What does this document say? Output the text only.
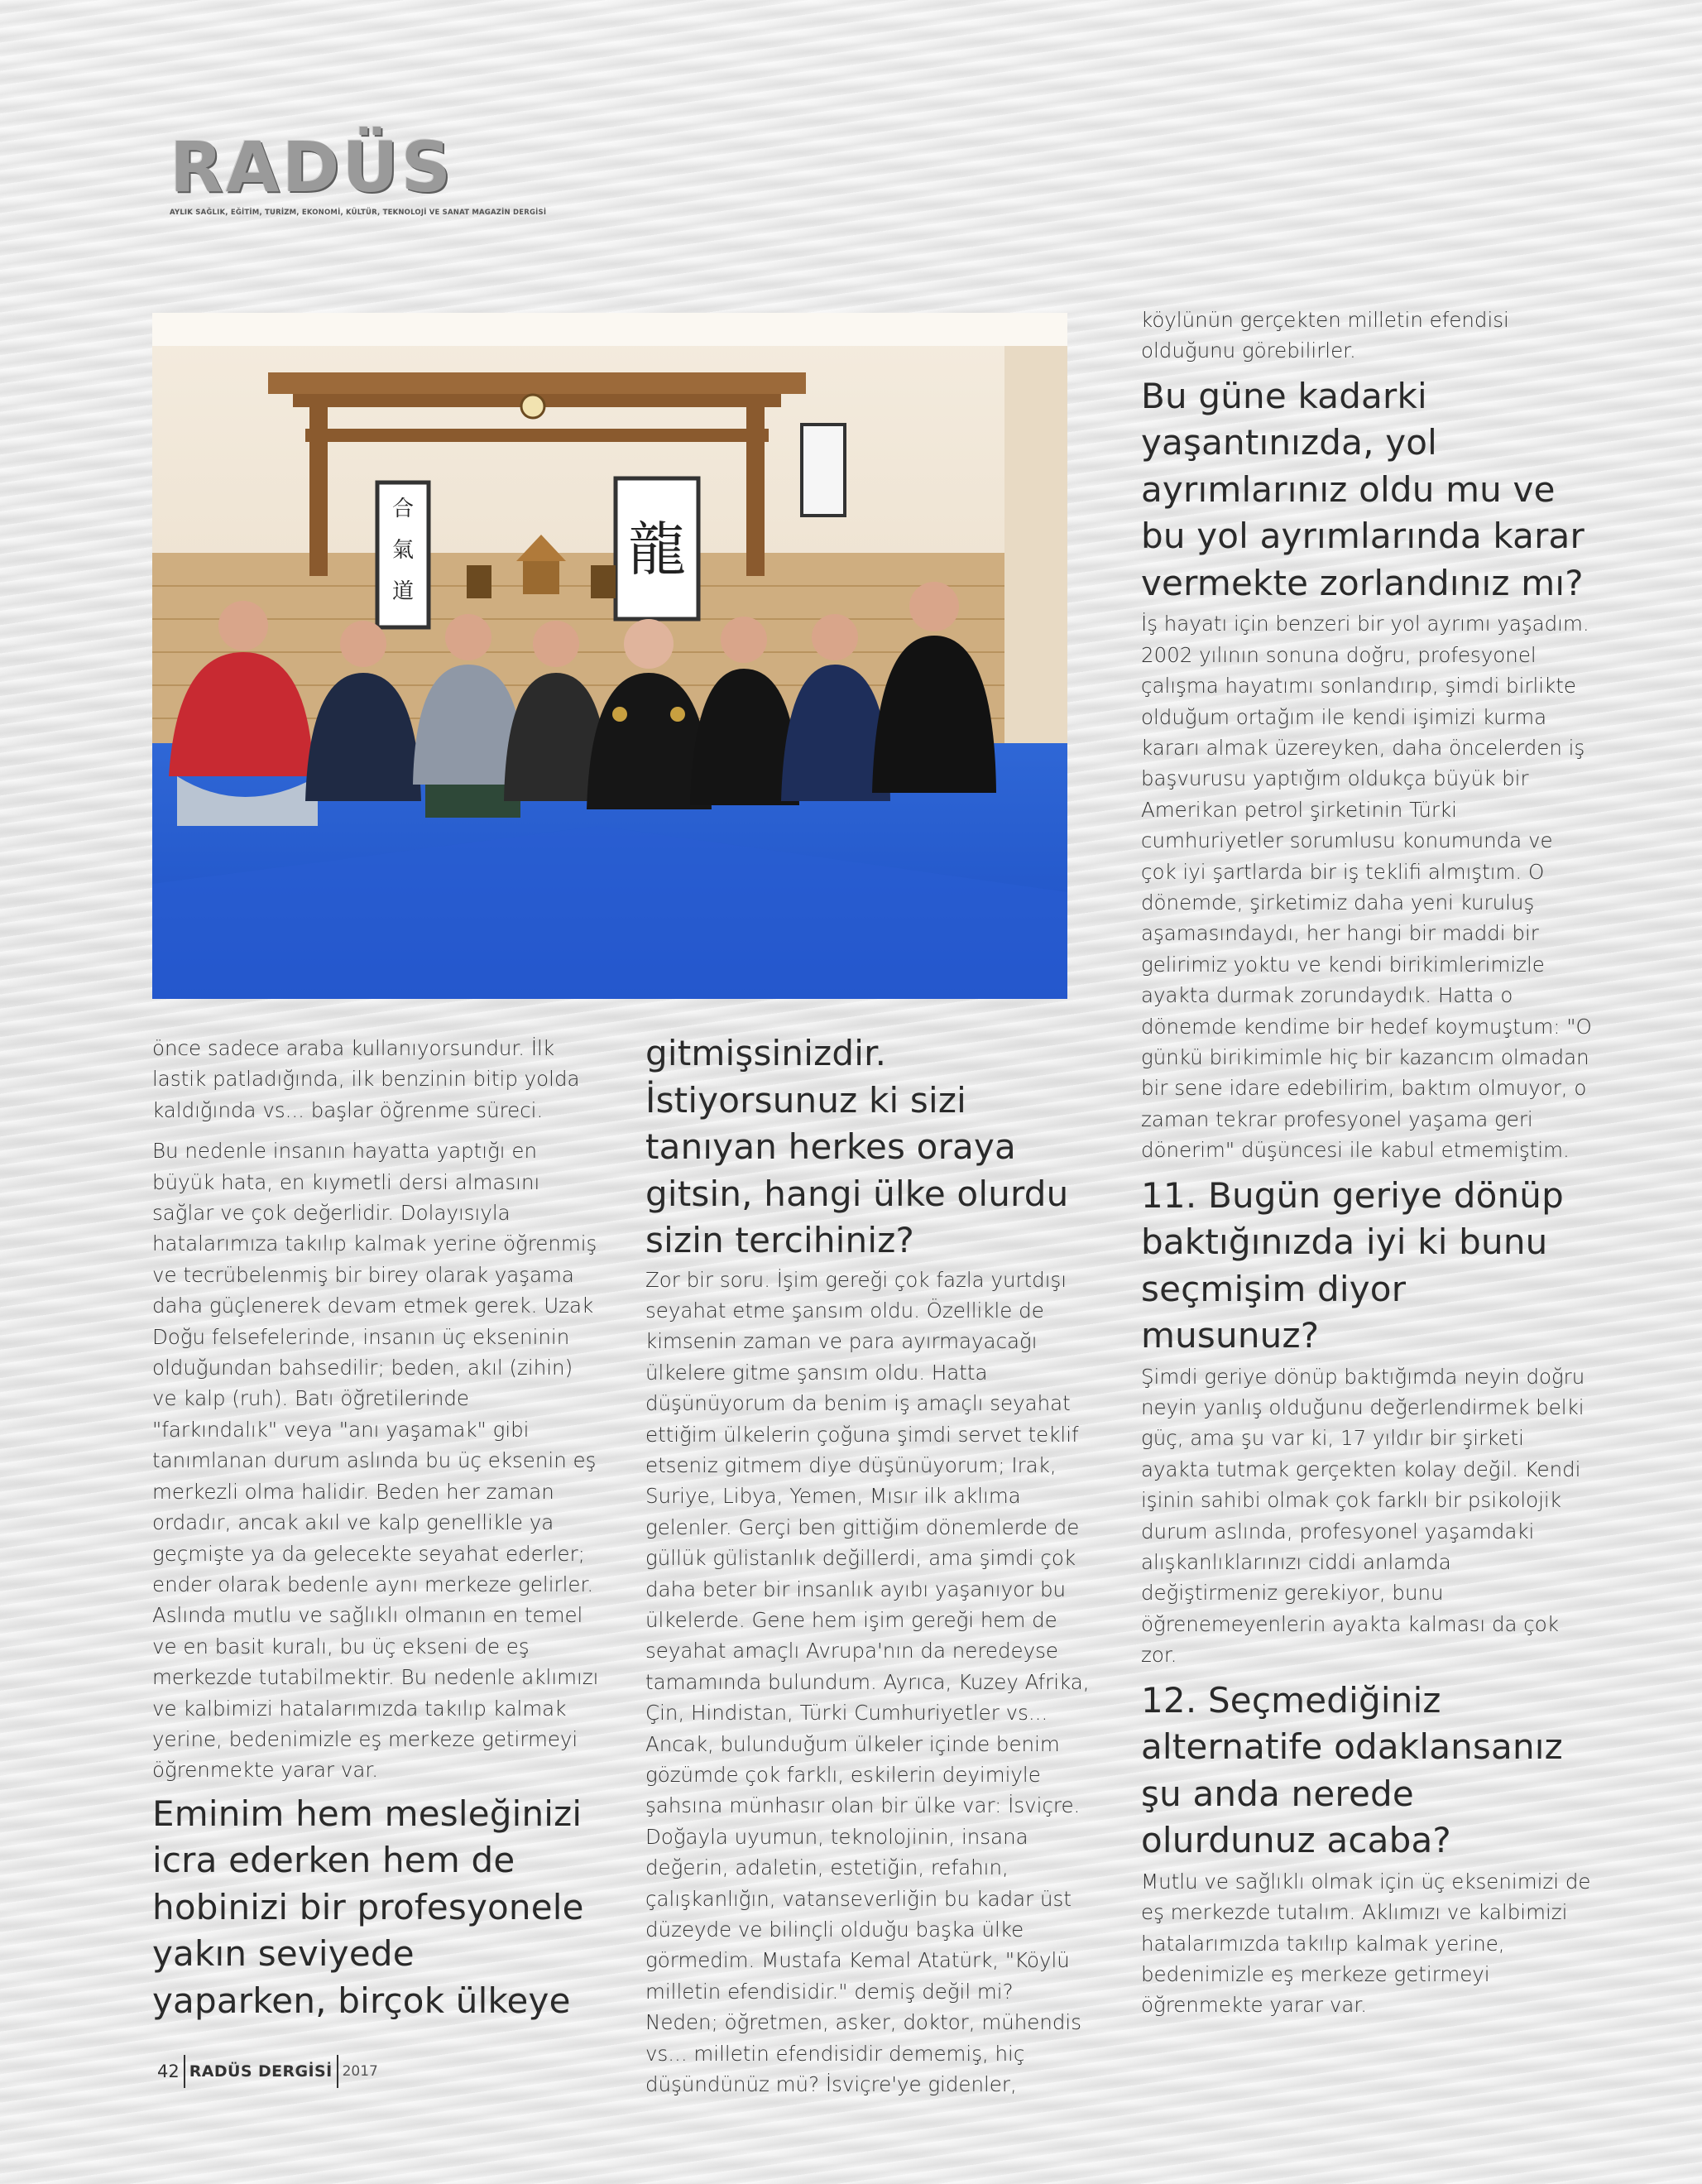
RADÜS
AYLIK SAĞLIK, EĞİTİM, TURİZM, EKONOMİ, KÜLTÜR, TEKNOLOJİ VE SANAT MAGAZİN DERGİSİ
合
氣
道
龍

önce sadece araba kullanıyorsundur. İlk lastik patladığında, ilk benzinin bitip yolda kaldığında vs... başlar öğrenme süreci.

Bu nedenle insanın hayatta yaptığı en büyük hata, en kıymetli dersi almasını sağlar ve çok değerlidir. Dolayısıyla hatalarımıza takılıp kalmak yerine öğrenmiş ve tecrübelenmiş bir birey olarak yaşama daha güçlenerek devam etmek gerek. Uzak Doğu felsefelerinde, insanın üç ekseninin olduğundan bahsedilir; beden, akıl (zihin) ve kalp (ruh). Batı öğretilerinde "farkındalık" veya "anı yaşamak" gibi tanımlanan durum aslında bu üç eksenin eş merkezli olma halidir. Beden her zaman ordadır, ancak akıl ve kalp genellikle ya geçmişte ya da gelecekte seyahat ederler; ender olarak bedenle aynı merkeze gelirler. Aslında mutlu ve sağlıklı olmanın en temel ve en basit kuralı, bu üç ekseni de eş merkezde tutabilmektir. Bu nedenle aklımızı ve kalbimizi hatalarımızda takılıp kalmak yerine, bedenimizle eş merkeze getirmeyi öğrenmekte yarar var.

Eminim hem mesleğinizi icra ederken hem de hobinizi bir profesyonele yakın seviyede yaparken, birçok ülkeye
gitmişsinizdir. İstiyorsunuz ki sizi tanıyan herkes oraya gitsin, hangi ülke olurdu sizin tercihiniz?

Zor bir soru. İşim gereği çok fazla yurtdışı seyahat etme şansım oldu. Özellikle de kimsenin zaman ve para ayırmayacağı ülkelere gitme şansım oldu. Hatta düşünüyorum da benim iş amaçlı seyahat ettiğim ülkelerin çoğuna şimdi servet teklif etseniz gitmem diye düşünüyorum; Irak, Suriye, Libya, Yemen, Mısır ilk aklıma gelenler. Gerçi ben gittiğim dönemlerde de güllük gülistanlık değillerdi, ama şimdi çok daha beter bir insanlık ayıbı yaşanıyor bu ülkelerde. Gene hem işim gereği hem de seyahat amaçlı Avrupa'nın da neredeyse tamamında bulundum. Ayrıca, Kuzey Afrika, Çin, Hindistan, Türki Cumhuriyetler vs... Ancak, bulunduğum ülkeler içinde benim gözümde çok farklı, eskilerin deyimiyle şahsına münhasır olan bir ülke var: İsviçre. Doğayla uyumun, teknolojinin, insana değerin, adaletin, estetiğin, refahın, çalışkanlığın, vatanseverliğin bu kadar üst düzeyde ve bilinçli olduğu başka ülke görmedim. Mustafa Kemal Atatürk, "Köylü milletin efendisidir." demiş değil mi? Neden; öğretmen, asker, doktor, mühendis vs... milletin efendisidir dememiş, hiç düşündünüz mü? İsviçre'ye gidenler,

köylünün gerçekten milletin efendisi olduğunu görebilirler.

Bu güne kadarki yaşantınızda, yol ayrımlarınız oldu mu ve bu yol ayrımlarında karar vermekte zorlandınız mı?

İş hayatı için benzeri bir yol ayrımı yaşadım. 2002 yılının sonuna doğru, profesyonel çalışma hayatımı sonlandırıp, şimdi birlikte olduğum ortağım ile kendi işimizi kurma kararı almak üzereyken, daha öncelerden iş başvurusu yaptığım oldukça büyük bir Amerikan petrol şirketinin Türki cumhuriyetler sorumlusu konumunda ve çok iyi şartlarda bir iş teklifi almıştım. O dönemde, şirketimiz daha yeni kuruluş aşamasındaydı, her hangi bir maddi bir gelirimiz yoktu ve kendi birikimlerimizle ayakta durmak zorundaydık. Hatta o dönemde kendime bir hedef koymuştum: "O günkü birikimimle hiç bir kazancım olmadan bir sene idare edebilirim, baktım olmuyor, o zaman tekrar profesyonel yaşama geri dönerim" düşüncesi ile kabul etmemiştim.

11. Bugün geriye dönüp baktığınızda iyi ki bunu seçmişim diyor musunuz?

Şimdi geriye dönüp baktığımda neyin doğru neyin yanlış olduğunu değerlendirmek belki güç, ama şu var ki, 17 yıldır bir şirketi ayakta tutmak gerçekten kolay değil. Kendi işinin sahibi olmak çok farklı bir psikolojik durum aslında, profesyonel yaşamdaki alışkanlıklarınızı ciddi anlamda değiştirmeniz gerekiyor, bunu öğrenemeyenlerin ayakta kalması da çok zor.

12. Seçmediğiniz alternatife odaklansanız şu anda nerede olurdunuz acaba?

Mutlu ve sağlıklı olmak için üç eksenimizi de eş merkezde tutalım. Aklımızı ve kalbimizi hatalarımızda takılıp kalmak yerine, bedenimizle eş merkeze getirmeyi öğrenmekte yarar var.

42 RADÜS DERGİSİ 2017
